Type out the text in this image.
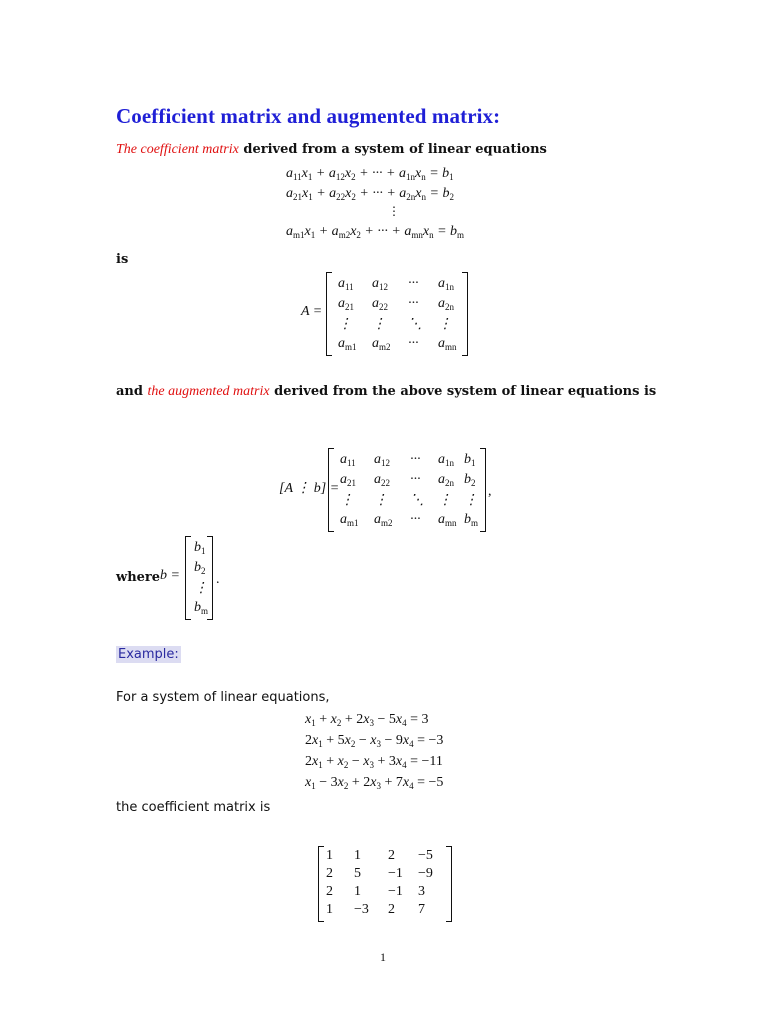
Coefficient matrix and augmented matrix:
The coefficient matrix derived from a system of linear equations
$a_{11}x_1 + a_{12}x_2$ + ··· + $a_{1n}x_n = b_1$
$a_{21}x_1 + a_{22}x_2$ + ··· + $a_{2n}x_n = b_2$
⋮
$a_{m1}x_1 + a_{m2}x_2$ + ··· + $a_{mn}x_n = b_m$
is
A =
$a_{11}$ $a_{12}$ ··· $a_{1n}$
$a_{21}$ $a_{22}$ ··· $a_{2n}$
⋮ ⋮ ⋱ ⋮
$a_{m1}$ $a_{m2}$ ··· $a_{mn}$
and the augmented matrix derived from the above system of linear equations is
[A ⋮ b] =
$a_{11}$ $a_{12}$ ··· $a_{1n}$ $b_1$
$a_{21}$ $a_{22}$ ··· $a_{2n}$ $b_2$
⋮ ⋮ ⋱ ⋮ ⋮
$a_{m1}$ $a_{m2}$ ··· $a_{mn}$ $b_m$
,
where b =
$b_1$
$b_2$
⋮
$b_m$
.
Example:
For a system of linear equations,
$x_1 + x_2 + 2x_3 - 5x_4 = 3$
$2x_1 + 5x_2 - x_3 - 9x_4 = -3$
$2x_1 + x_2 - x_3 + 3x_4 = -11$
$x_1 - 3x_2 + 2x_3 + 7x_4 = -5$
the coefficient matrix is
1 1 2 −5
2 5 −1 −9
2 1 −1 3
1 −3 2 7
1
